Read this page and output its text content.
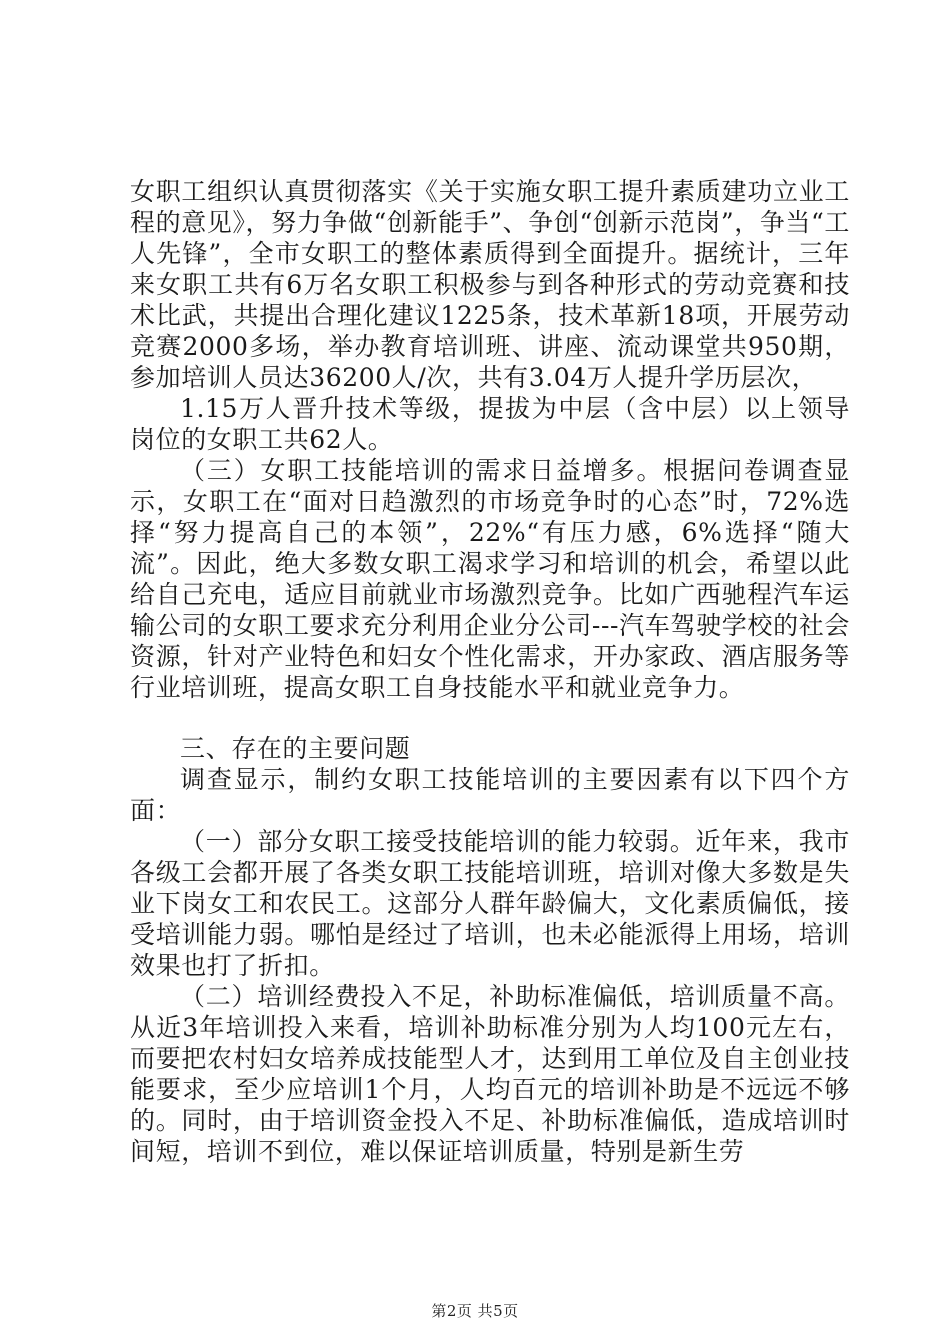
女职工组织认真贯彻落实《关于实施女职工提升素质建功立业工程的意见》，努力争做“创新能手”、争创“创新示范岗”，争当“工人先锋”，全市女职工的整体素质得到全面提升。据统计，三年来女职工共有6万名女职工积极参与到各种形式的劳动竞赛和技术比武，共提出合理化建议1225条，技术革新18项，开展劳动竞赛2000多场，举办教育培训班、讲座、流动课堂共950期，参加培训人员达36200人/次，共有3.04万人提升学历层次，

1.15万人晋升技术等级，提拔为中层（含中层）以上领导岗位的女职工共62人。

（三）女职工技能培训的需求日益增多。根据问卷调查显示，女职工在“面对日趋激烈的市场竞争时的心态”时，72%选择“努力提高自己的本领”，22%“有压力感，6%选择“随大流”。因此，绝大多数女职工渴求学习和培训的机会，希望以此给自己充电，适应目前就业市场激烈竞争。比如广西驰程汽车运输公司的女职工要求充分利用企业分公司---汽车驾驶学校的社会资源，针对产业特色和妇女个性化需求，开办家政、酒店服务等行业培训班，提高女职工自身技能水平和就业竞争力。

三、存在的主要问题

调查显示，制约女职工技能培训的主要因素有以下四个方面：

（一）部分女职工接受技能培训的能力较弱。近年来，我市各级工会都开展了各类女职工技能培训班，培训对像大多数是失业下岗女工和农民工。这部分人群年龄偏大，文化素质偏低，接受培训能力弱。哪怕是经过了培训，也未必能派得上用场，培训效果也打了折扣。

（二）培训经费投入不足，补助标准偏低，培训质量不高。从近3年培训投入来看，培训补助标准分别为人均100元左右，而要把农村妇女培养成技能型人才，达到用工单位及自主创业技能要求，至少应培训1个月，人均百元的培训补助是不远远不够的。同时，由于培训资金投入不足、补助标准偏低，造成培训时间短，培训不到位，难以保证培训质量，特别是新生劳

第2页 共5页
